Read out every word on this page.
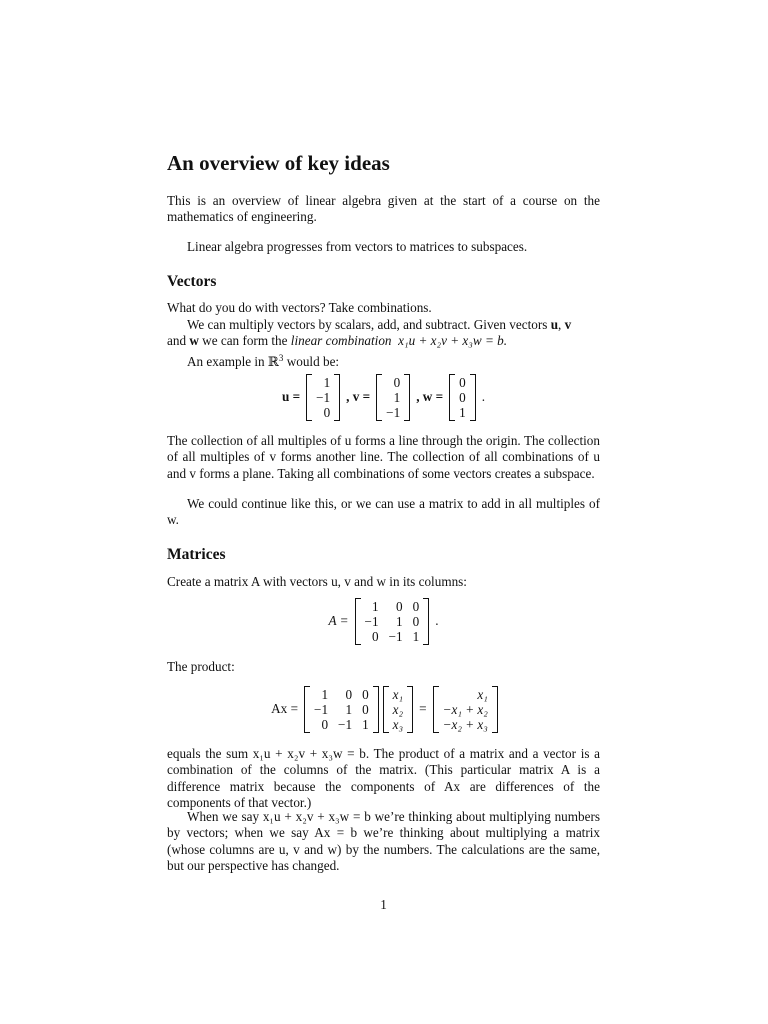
An overview of key ideas

This is an overview of linear algebra given at the start of a course on the mathematics of engineering.

Linear algebra progresses from vectors to matrices to subspaces.

Vectors

What do you do with vectors? Take combinations.

We can multiply vectors by scalars, add, and subtract. Given vectors u, v
and w we can form the linear combination x₁u + x₂v + x₃w = b.

An example in ℝ$^3$ would be:

u =
1
−1
0
, v =
0
1
−1
, w =
0
0
1
.

The collection of all multiples of u forms a line through the origin. The collection of all multiples of v forms another line. The collection of all combinations of u and v forms a plane. Taking all combinations of some vectors creates a subspace.

We could continue like this, or we can use a matrix to add in all multiples of w.

Matrices

Create a matrix A with vectors u, v and w in its columns:

A =
1	0 0
−1	1 0
0 −1 1
.

The product:

Ax =
1	0 0
−1	1 0
0 −1 1
x₁
x₂
x₃
=
x₁
−x₁ + x₂
−x₂ + x₃

equals the sum x₁u + x₂v + x₃w = b. The product of a matrix and a vector is a combination of the columns of the matrix. (This particular matrix A is a difference matrix because the components of Ax are differences of the components of that vector.)

When we say x₁u + x₂v + x₃w = b we’re thinking about multiplying numbers by vectors; when we say Ax = b we’re thinking about multiplying a matrix (whose columns are u, v and w) by the numbers. The calculations are the same, but our perspective has changed.

1
